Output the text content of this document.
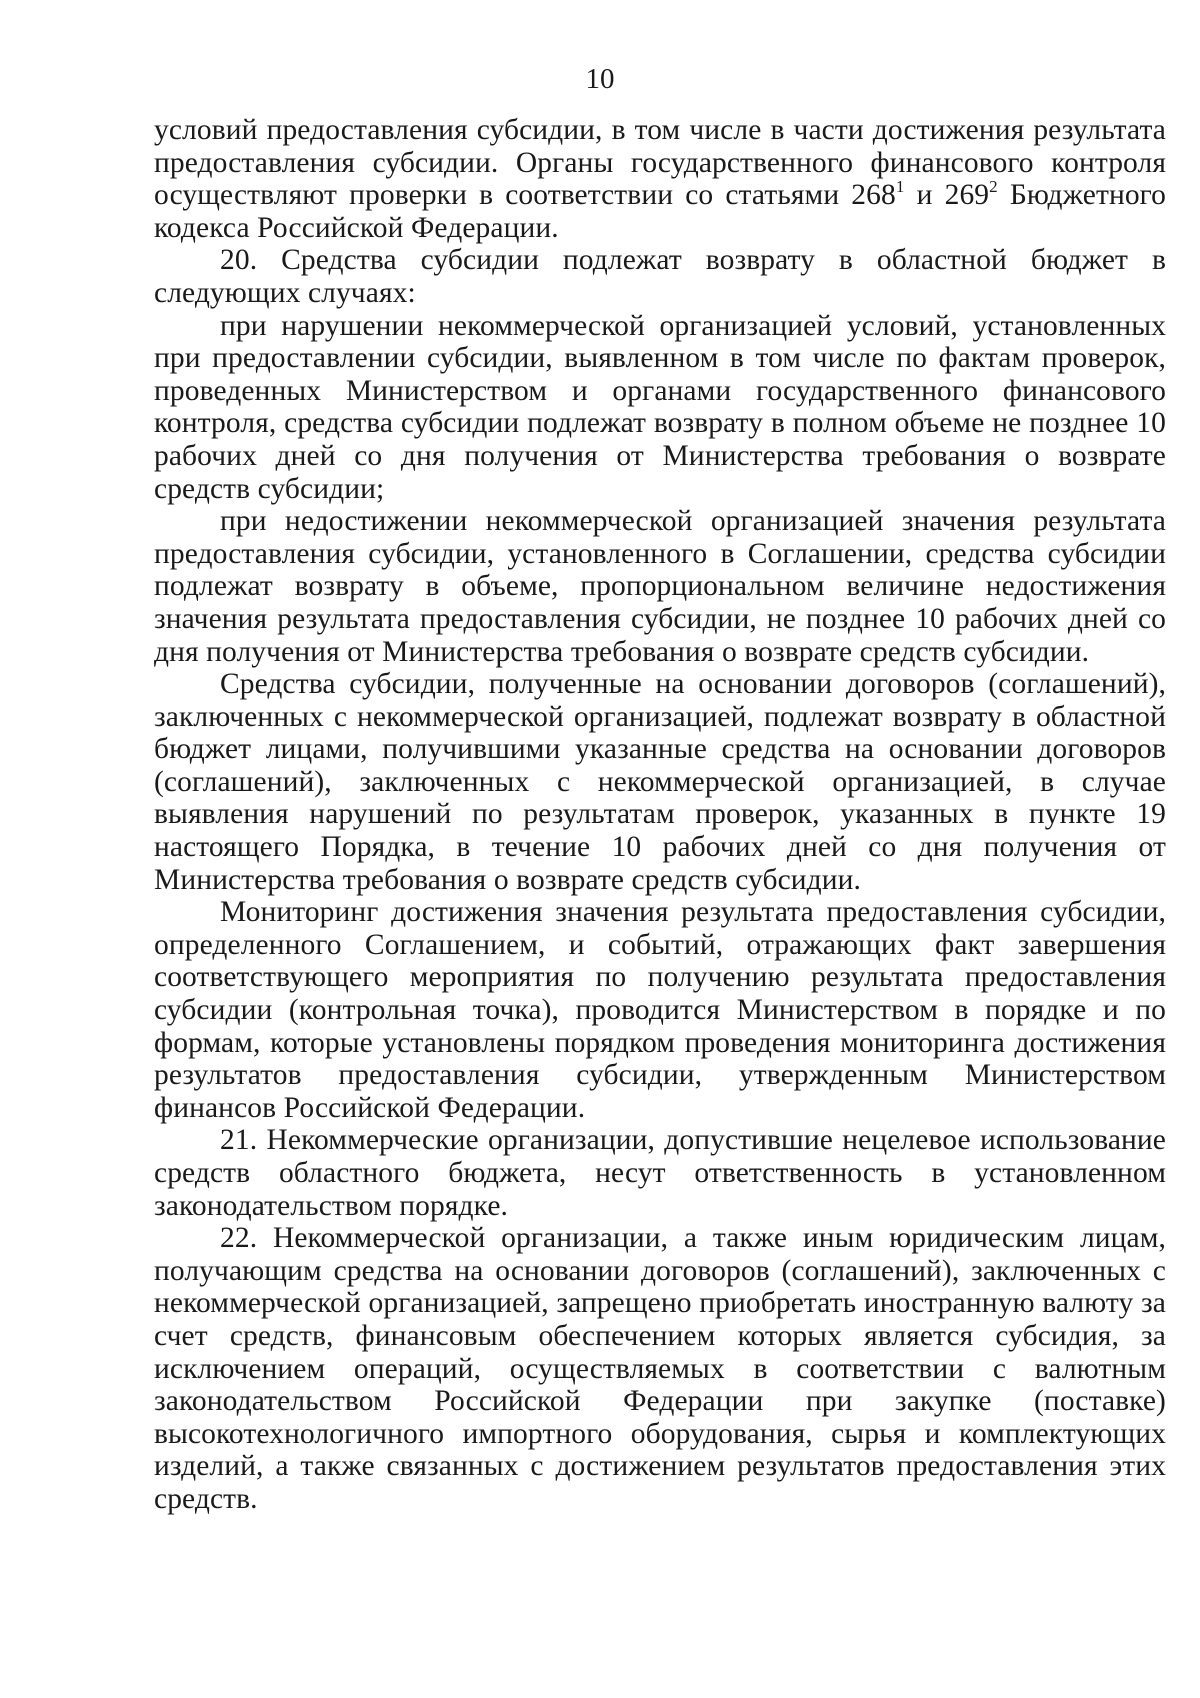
10

условий предоставления субсидии, в том числе в части достижения результата предоставления субсидии. Органы государственного финансового контроля осуществляют проверки в соответствии со статьями $268^1$ и $269^2$ Бюджетного кодекса Российской Федерации.

20. Средства субсидии подлежат возврату в областной бюджет в следующих случаях:

при нарушении некоммерческой организацией условий, установленных при предоставлении субсидии, выявленном в том числе по фактам проверок, проведенных Министерством и органами государственного финансового контроля, средства субсидии подлежат возврату в полном объеме не позднее 10 рабочих дней со дня получения от Министерства требования о возврате средств субсидии;

при недостижении некоммерческой организацией значения результата предоставления субсидии, установленного в Соглашении, средства субсидии подлежат возврату в объеме, пропорциональном величине недостижения значения результата предоставления субсидии, не позднее 10 рабочих дней со дня получения от Министерства требования о возврате средств субсидии.

Средства субсидии, полученные на основании договоров (соглашений), заключенных с некоммерческой организацией, подлежат возврату в областной бюджет лицами, получившими указанные средства на основании договоров (соглашений), заключенных с некоммерческой организацией, в случае выявления нарушений по результатам проверок, указанных в пункте 19 настоящего Порядка, в течение 10 рабочих дней со дня получения от Министерства требования о возврате средств субсидии.

Мониторинг достижения значения результата предоставления субсидии, определенного Соглашением, и событий, отражающих факт завершения соответствующего мероприятия по получению результата предоставления субсидии (контрольная точка), проводится Министерством в порядке и по формам, которые установлены порядком проведения мониторинга достижения результатов предоставления субсидии, утвержденным Министерством финансов Российской Федерации.

21. Некоммерческие организации, допустившие нецелевое использование средств областного бюджета, несут ответственность в установленном законодательством порядке.

22. Некоммерческой организации, а также иным юридическим лицам, получающим средства на основании договоров (соглашений), заключенных с некоммерческой организацией, запрещено приобретать иностранную валюту за счет средств, финансовым обеспечением которых является субсидия, за исключением операций, осуществляемых в соответствии с валютным законодательством Российской Федерации при закупке (поставке) высокотехнологичного импортного оборудования, сырья и комплектующих изделий, а также связанных с достижением результатов предоставления этих средств.
